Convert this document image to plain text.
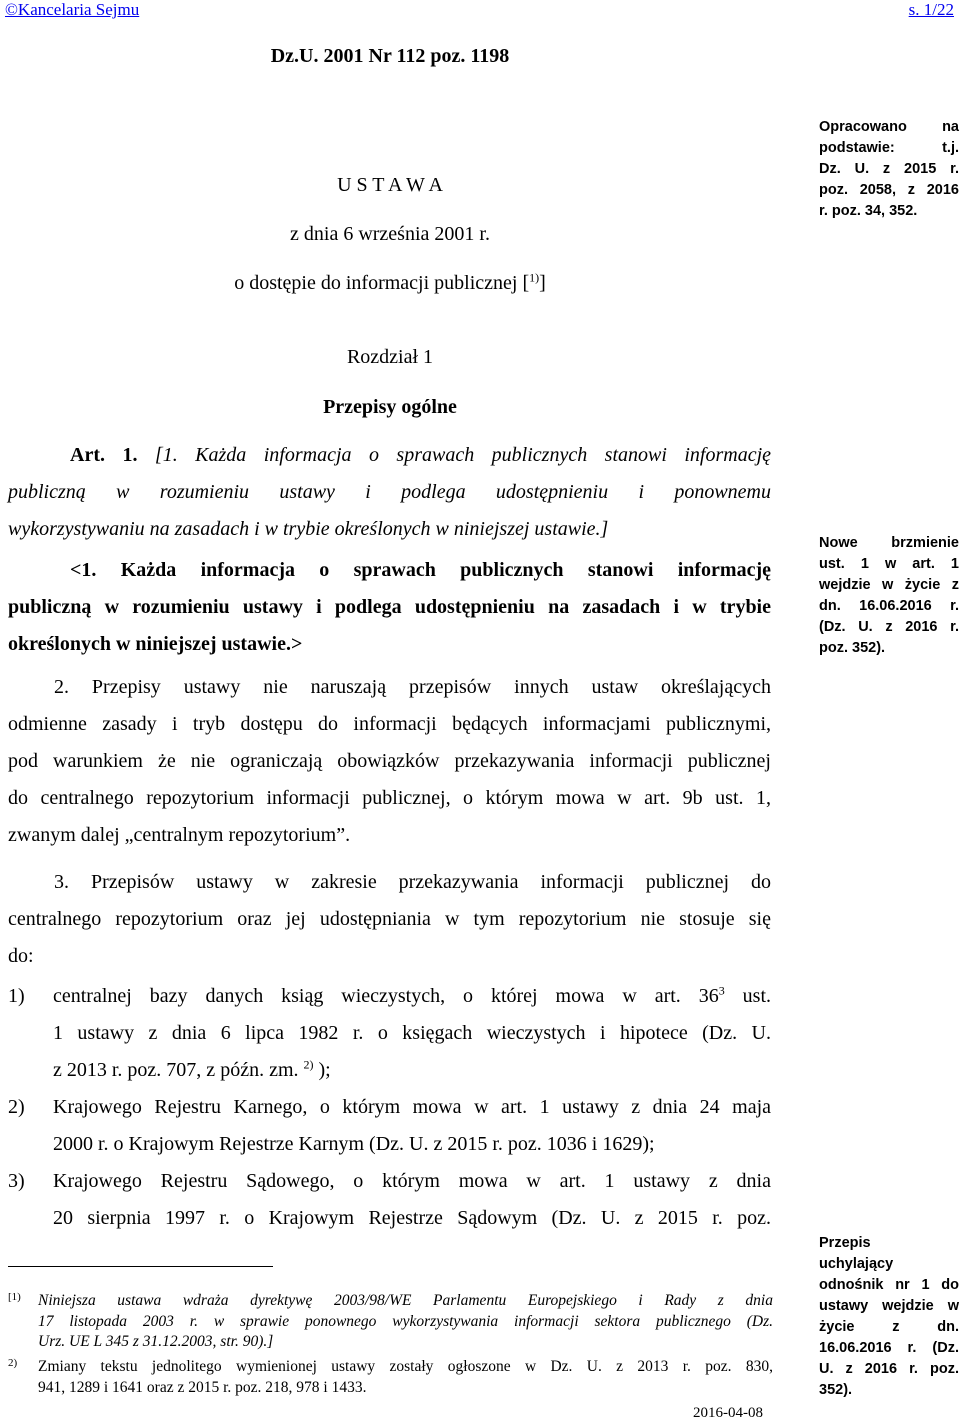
©Kancelaria Sejmu	s. 1/22
Dz.U. 2001 Nr 112 poz. 1198
U S T A W A
z dnia 6 września 2001 r.
o dostępie do informacji publicznej [$^{1)}$]
Opracowano na
podstawie: t.j.
Dz. U. z 2015 r.
poz. 2058, z 2016
r. poz. 34, 352.
Rozdział 1
Przepisy ogólne
Art. 1. [1. Każda informacja o sprawach publicznych stanowi informację
publiczną w rozumieniu ustawy i podlega udostępnieniu i ponownemu
wykorzystywaniu na zasadach i w trybie określonych w niniejszej ustawie.]
<1. Każda informacja o sprawach publicznych stanowi informację
publiczną w rozumieniu ustawy i podlega udostępnieniu na zasadach i w trybie
określonych w niniejszej ustawie.>
Nowe brzmienie
ust. 1 w art. 1
wejdzie w życie z
dn. 16.06.2016 r.
(Dz. U. z 2016 r.
poz. 352).
2. Przepisy ustawy nie naruszają przepisów innych ustaw określających
odmienne zasady i tryb dostępu do informacji będących informacjami publicznymi,
pod warunkiem że nie ograniczają obowiązków przekazywania informacji publicznej
do centralnego repozytorium informacji publicznej, o którym mowa w art. 9b ust. 1,
zwanym dalej „centralnym repozytorium”.
3. Przepisów ustawy w zakresie przekazywania informacji publicznej do
centralnego repozytorium oraz jej udostępniania w tym repozytorium nie stosuje się
do:
1) centralnej bazy danych ksiąg wieczystych, o której mowa w art. $36^3$ ust.
1 ustawy z dnia 6 lipca 1982 r. o księgach wieczystych i hipotece (Dz. U.
z 2013 r. poz. 707, z późn. zm. $^{2)}$ );
2) Krajowego Rejestru Karnego, o którym mowa w art. 1 ustawy z dnia 24 maja
2000 r. o Krajowym Rejestrze Karnym (Dz. U. z 2015 r. poz. 1036 i 1629);
3) Krajowego Rejestru Sądowego, o którym mowa w art. 1 ustawy z dnia
20 sierpnia 1997 r. o Krajowym Rejestrze Sądowym (Dz. U. z 2015 r. poz.
Przepis
uchylający
odnośnik nr 1 do
ustawy wejdzie w
życie z dn.
16.06.2016 r. (Dz.
U. z 2016 r. poz.
352).
[1) Niniejsza ustawa wdraża dyrektywę 2003/98/WE Parlamentu Europejskiego i Rady z dnia
17 listopada 2003 r. w sprawie ponownego wykorzystywania informacji sektora publicznego (Dz.
Urz. UE L 345 z 31.12.2003, str. 90).]
2) Zmiany tekstu jednolitego wymienionej ustawy zostały ogłoszone w Dz. U. z 2013 r. poz. 830,
941, 1289 i 1641 oraz z 2015 r. poz. 218, 978 i 1433.
2016-04-08
